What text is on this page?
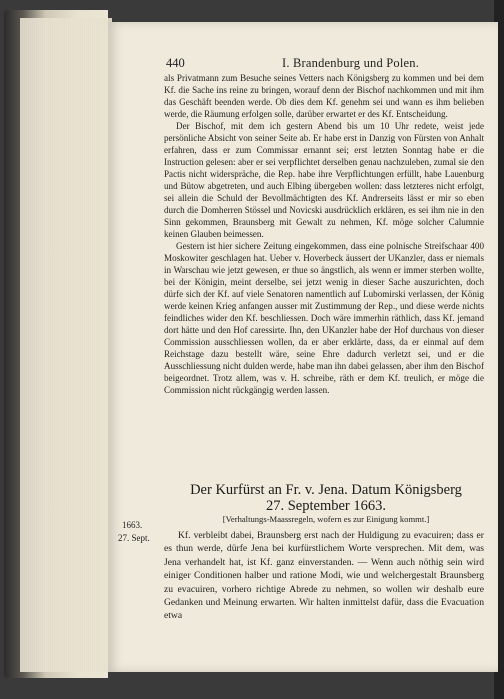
440	I. Brandenburg und Polen.

als Privatmann zum Besuche seines Vetters nach Königsberg zu kommen und bei dem Kf. die Sache ins reine zu bringen, worauf denn der Bischof nachkommen und mit ihm das Geschäft beenden werde. Ob dies dem Kf. genehm sei und wann es ihm belieben werde, die Räumung erfolgen solle, darüber erwartet er des Kf. Entscheidung.

Der Bischof, mit dem ich gestern Abend bis um 10 Uhr redete, weist jede persönliche Absicht von seiner Seite ab. Er habe erst in Danzig von Fürsten von Anhalt erfahren, dass er zum Commissar ernannt sei; erst letzten Sonntag habe er die Instruction gelesen: aber er sei verpflichtet derselben genau nachzuleben, zumal sie den Pactis nicht widerspräche, die Rep. habe ihre Verpflichtungen erfüllt, habe Lauenburg und Bütow abgetreten, und auch Elbing übergeben wollen: dass letzteres nicht erfolgt, sei allein die Schuld der Bevollmächtigten des Kf. Andrerseits lässt er mir so eben durch die Domherren Stössel und Novicski ausdrücklich erklären, es sei ihm nie in den Sinn gekommen, Braunsberg mit Gewalt zu nehmen, Kf. möge solcher Calumnie keinen Glauben beimessen.

Gestern ist hier sichere Zeitung eingekommen, dass eine polnische Streifschaar 400 Moskowiter geschlagen hat. Ueber v. Hoverbeck äussert der UKanzler, dass er niemals in Warschau wie jetzt gewesen, er thue so ängstlich, als wenn er immer sterben wollte, bei der Königin, meint derselbe, sei jetzt wenig in dieser Sache auszurichten, doch dürfe sich der Kf. auf viele Senatoren namentlich auf Lubomirski verlassen, der König werde keinen Krieg anfangen ausser mit Zustimmung der Rep., und diese werde nichts feindliches wider den Kf. beschliessen. Doch wäre immerhin räthlich, dass Kf. jemand dort hätte und den Hof caressirte. Ihn, den UKanzler habe der Hof durchaus von dieser Commission ausschliessen wollen, da er aber erklärte, dass, da er einmal auf dem Reichstage dazu bestellt wäre, seine Ehre dadurch verletzt sei, und er die Ausschliessung nicht dulden werde, habe man ihn dabei gelassen, aber ihm den Bischof beigeordnet. Trotz allem, was v. H. schreibe, räth er dem Kf. treulich, er möge die Commission nicht rückgängig werden lassen.

Der Kurfürst an Fr. v. Jena. Datum Königsberg
27. September 1663.
[Verhaltungs-Maassregeln, wofern es zur Einigung kommt.]
1663.
27. Sept.	Kf. verbleibt dabei, Braunsberg erst nach der Huldigung zu evacuiren; dass er es thun werde, dürfe Jena bei kurfürstlichem Worte versprechen. Mit dem, was Jena verhandelt hat, ist Kf. ganz einverstanden. — Wenn auch nöthig sein wird einiger Conditionen halber und ratione Modi, wie und welchergestalt Braunsberg zu evacuiren, vorhero richtige Abrede zu nehmen, so wollen wir deshalb eure Gedanken und Meinung erwarten. Wir halten inmittelst dafür, dass die Evacuation etwa
